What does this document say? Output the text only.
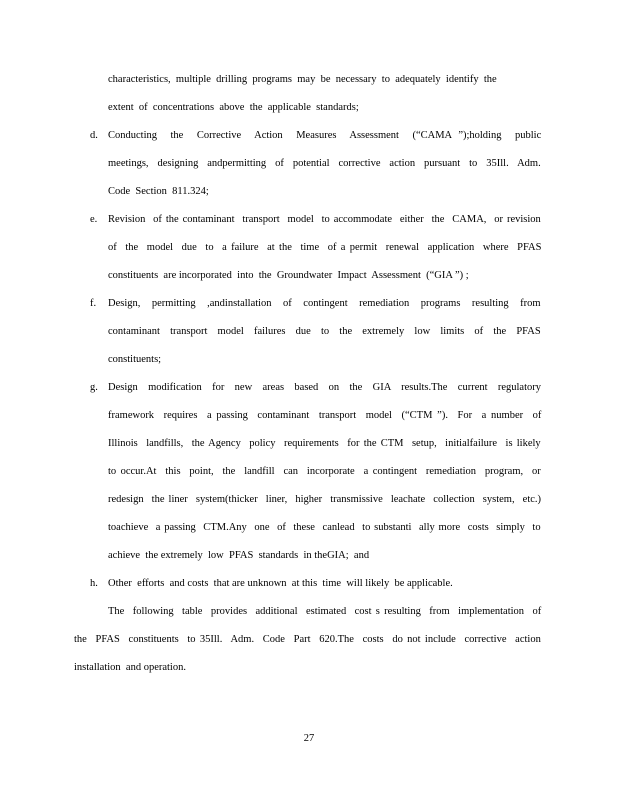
characteristics,  multiple  drilling  programs  may  be  necessary  to  adequately  identify  the
extent  of  concentrations  above  the  applicable  standards;
d. Conducting  the  Corrective  Action  Measures  Assessment  (“CAMA ”);holding  public
meetings,  designing  andpermitting  of  potential  corrective  action  pursuant  to  35Ill.  Adm.
Code  Section  811.324;
e. Revision  of the contaminant  transport  model  to accommodate  either  the  CAMA,  or revision
of  the  model  due  to  a failure  at the  time  of a permit  renewal  application  where  PFAS
constituents  are incorporated  into  the  Groundwater  Impact  Assessment  (“GIA ”) ;
f. Design,  permitting  ,andinstallation  of  contingent  remediation  programs  resulting  from
contaminant  transport  model  failures  due  to  the  extremely  low  limits  of  the  PFAS
constituents;
g. Design  modification  for  new  areas  based  on  the  GIA  results.The  current  regulatory
framework  requires  a passing  contaminant  transport  model  (“CTM ”).  For  a number  of
Illinois  landfills,  the Agency  policy  requirements  for the CTM  setup,  initialfailure  is likely
to occur.At  this  point,  the  landfill  can  incorporate  a contingent  remediation  program,  or
redesign  the liner  system(thicker  liner,  higher  transmissive  leachate  collection  system,  etc.)
toachieve  a passing  CTM.Any  one  of  these  canlead  to substanti  ally more  costs  simply  to
achieve  the extremely  low  PFAS  standards  in theGIA;  and
h. Other  efforts  and costs  that are unknown  at this  time  will likely  be applicable.
The  following  table  provides  additional  estimated  cost s resulting  from  implementation  of
the  PFAS  constituents  to 35Ill.  Adm.  Code  Part  620.The  costs  do not include  corrective  action
installation  and operation.
27
